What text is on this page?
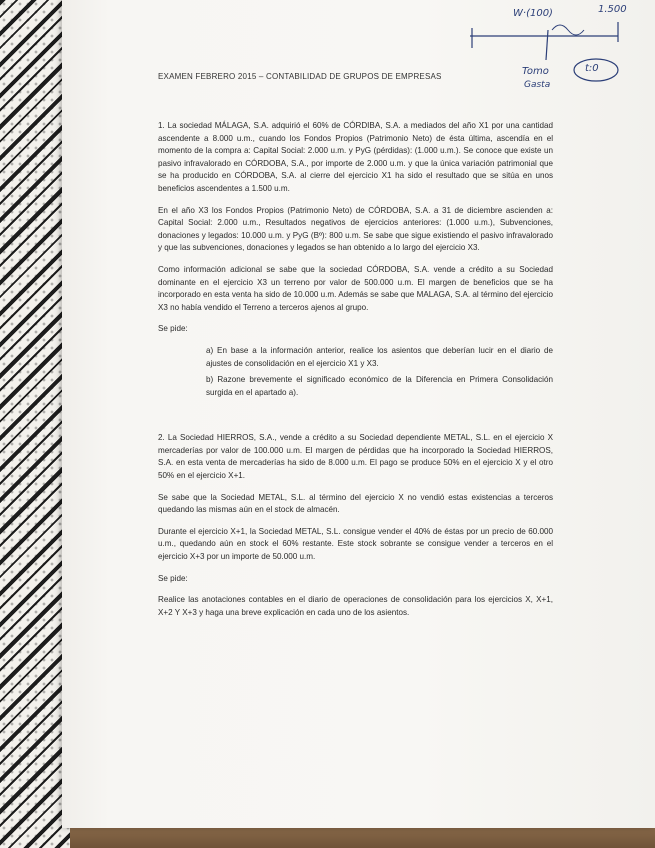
W·(100)	1.500
Tomo
Gasta
t:0
EXAMEN FEBRERO 2015 – CONTABILIDAD DE GRUPOS DE EMPRESAS

1. La sociedad MÁLAGA, S.A. adquirió el 60% de CÓRDIBA, S.A. a mediados del año X1 por una cantidad ascendente a 8.000 u.m., cuando los Fondos Propios (Patrimonio Neto) de ésta última, ascendía en el momento de la compra a: Capital Social: 2.000 u.m. y PyG (pérdidas): (1.000 u.m.). Se conoce que existe un pasivo infravalorado en CÓRDOBA, S.A., por importe de 2.000 u.m. y que la única variación patrimonial que se ha producido en CÓRDOBA, S.A. al cierre del ejercicio X1 ha sido el resultado que se sitúa en unos beneficios ascendentes a 1.500 u.m.

En el año X3 los Fondos Propios (Patrimonio Neto) de CÓRDOBA, S.A. a 31 de diciembre ascienden a: Capital Social: 2.000 u.m., Resultados negativos de ejercicios anteriores: (1.000 u.m.), Subvenciones, donaciones y legados: 10.000 u.m. y PyG (Bº): 800 u.m. Se sabe que sigue existiendo el pasivo infravalorado y que las subvenciones, donaciones y legados se han obtenido a lo largo del ejercicio X3.

Como información adicional se sabe que la sociedad CÓRDOBA, S.A. vende a crédito a su Sociedad dominante en el ejercicio X3 un terreno por valor de 500.000 u.m. El margen de beneficios que se ha incorporado en esta venta ha sido de 10.000 u.m. Además se sabe que MALAGA, S.A. al término del ejercicio X3 no había vendido el Terreno a terceros ajenos al grupo.

Se pide:

a) En base a la información anterior, realice los asientos que deberían lucir en el diario de ajustes de consolidación en el ejercicio X1 y X3.
b) Razone brevemente el significado económico de la Diferencia en Primera Consolidación surgida en el apartado a).

2. La Sociedad HIERROS, S.A., vende a crédito a su Sociedad dependiente METAL, S.L. en el ejercicio X mercaderías por valor de 100.000 u.m. El margen de pérdidas que ha incorporado la Sociedad HIERROS, S.A. en esta venta de mercaderías ha sido de 8.000 u.m. El pago se produce 50% en el ejercicio X y el otro 50% en el ejercicio X+1.

Se sabe que la Sociedad METAL, S.L. al término del ejercicio X no vendió estas existencias a terceros quedando las mismas aún en el stock de almacén.

Durante el ejercicio X+1, la Sociedad METAL, S.L. consigue vender el 40% de éstas por un precio de 60.000 u.m., quedando aún en stock el 60% restante. Este stock sobrante se consigue vender a terceros en el ejercicio X+3 por un importe de 50.000 u.m.

Se pide:

Realice las anotaciones contables en el diario de operaciones de consolidación para los ejercicios X, X+1, X+2 Y X+3 y haga una breve explicación en cada uno de los asientos.
